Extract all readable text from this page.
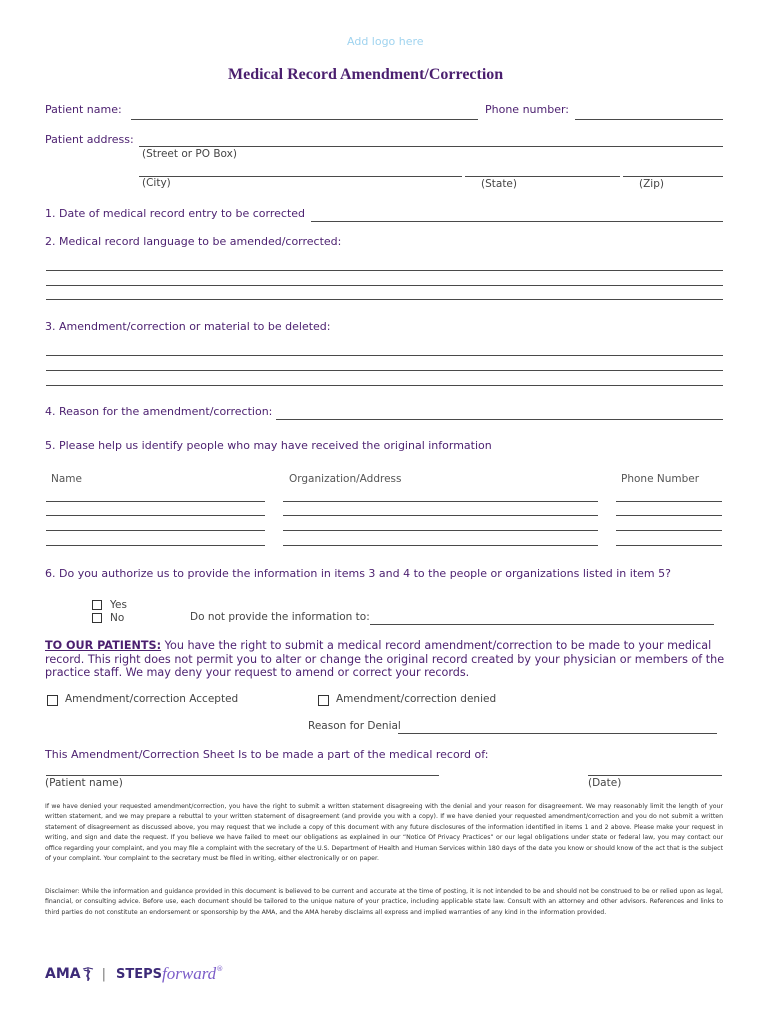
Add logo here
Medical Record Amendment/Correction
Patient name:	Phone number:
Patient address:
(Street or PO Box)
(City)	(State)	(Zip)
1. Date of medical record entry to be corrected
2. Medical record language to be amended/corrected:
3. Amendment/correction or material to be deleted:
4. Reason for the amendment/correction:
5. Please help us identify people who may have received the original information
Name	Organization/Address	Phone Number
6. Do you authorize us to provide the information in items 3 and 4 to the people or organizations listed in item 5?
Yes
No	Do not provide the information to:
TO OUR PATIENTS: You have the right to submit a medical record amendment/correction to be made to your medical record. This right does not permit you to alter or change the original record created by your physician or members of the practice staff. We may deny your request to amend or correct your records.
Amendment/correction Accepted	Amendment/correction denied
Reason for Denial
This Amendment/Correction Sheet Is to be made a part of the medical record of:
(Patient name)	(Date)
If we have denied your requested amendment/correction, you have the right to submit a written statement disagreeing with the denial and your reason for disagreement. We may reasonably limit the length of your written statement, and we may prepare a rebuttal to your written statement of disagreement (and provide you with a copy). If we have denied your requested amendment/correction and you do not submit a written statement of disagreement as discussed above, you may request that we include a copy of this document with any future disclosures of the information identified in items 1 and 2 above. Please make your request in writing, and sign and date the request. If you believe we have failed to meet our obligations as explained in our “Notice Of Privacy Practices” or our legal obligations under state or federal law, you may contact our office regarding your complaint, and you may file a complaint with the secretary of the U.S. Department of Health and Human Services within 180 days of the date you know or should know of the act that is the subject of your complaint. Your complaint to the secretary must be filed in writing, either electronically or on paper.
Disclaimer: While the information and guidance provided in this document is believed to be current and accurate at the time of posting, it is not intended to be and should not be construed to be or relied upon as legal, financial, or consulting advice. Before use, each document should be tailored to the unique nature of your practice, including applicable state law. Consult with an attorney and other advisors. References and links to third parties do not constitute an endorsement or sponsorship by the AMA, and the AMA hereby disclaims all express and implied warranties of any kind in the information provided.
AMA | STEPS forward ®
